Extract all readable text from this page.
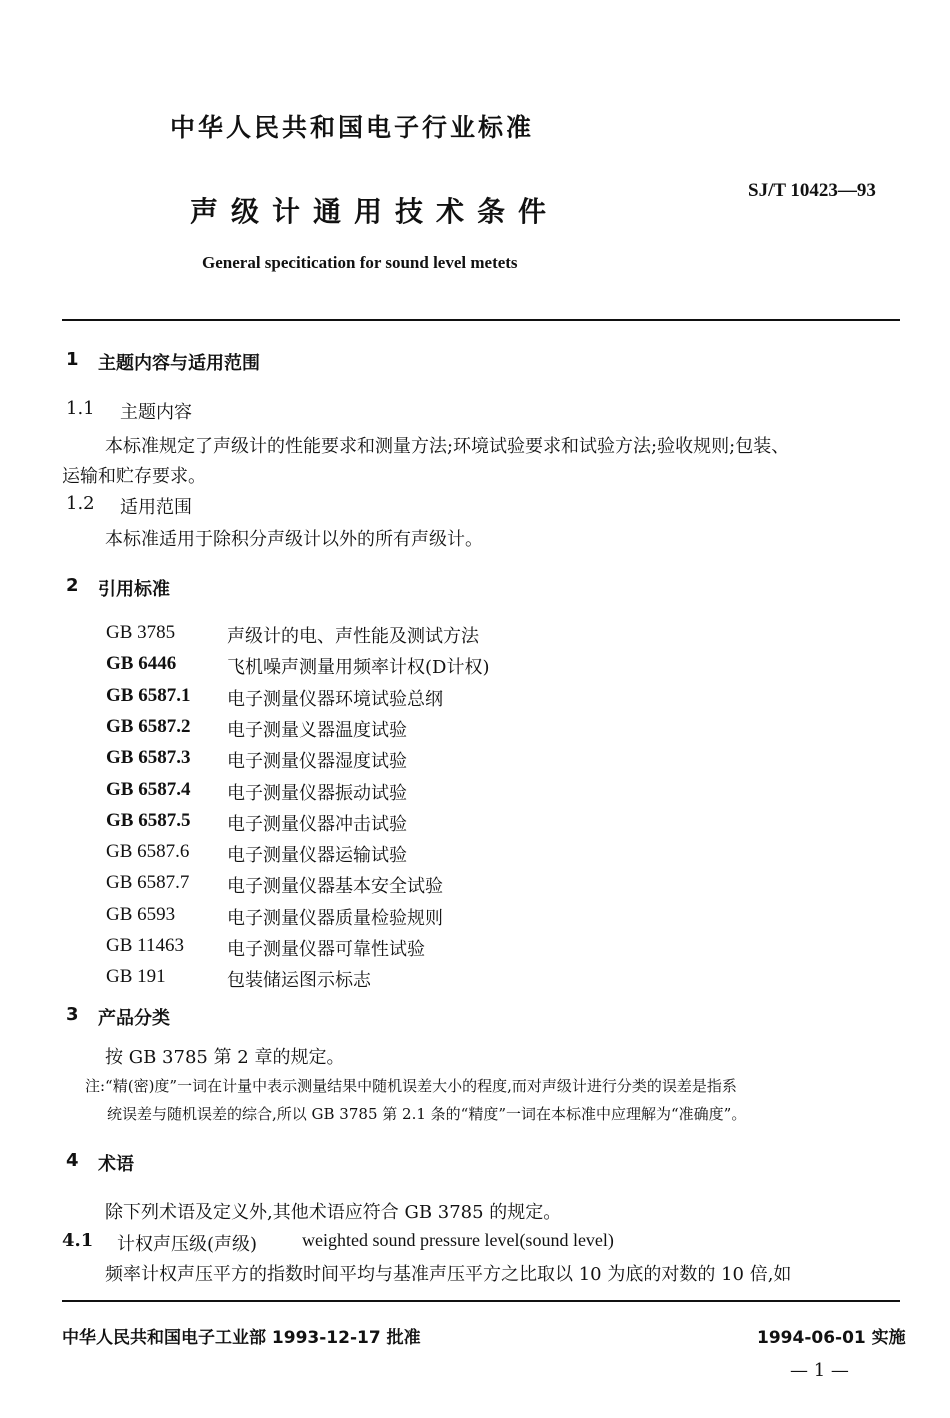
中华人民共和国电子行业标准
声级计通用技术条件
SJ/T 10423—93
General specitication for sound level metets
1 主题内容与适用范围
1.1 主题内容
本标准规定了声级计的性能要求和测量方法;环境试验要求和试验方法;验收规则;包装、
运输和贮存要求。
1.2 适用范围
本标准适用于除积分声级计以外的所有声级计。
2 引用标准
GB 3785	声级计的电、声性能及测试方法
GB 6446	飞机噪声测量用频率计权(D计权)
GB 6587.1 电子测量仪器环境试验总纲
GB 6587.2 电子测量义器温度试验
GB 6587.3 电子测量仪器湿度试验
GB 6587.4 电子测量仪器振动试验
GB 6587.5 电子测量仪器冲击试验
GB 6587.6 电子测量仪器运输试验
GB 6587.7 电子测量仪器基本安全试验
GB 6593	电子测量仪器质量检验规则
GB 11463 电子测量仪器可靠性试验
GB 191	包装储运图示标志
3 产品分类
按 GB 3785 第 2 章的规定。
注:“精(密)度”一词在计量中表示测量结果中随机误差大小的程度,而对声级计进行分类的误差是指系
统误差与随机误差的综合,所以 GB 3785 第 2.1 条的“精度”一词在本标准中应理解为“准确度”。
4 术语
除下列术语及定义外,其他术语应符合 GB 3785 的规定。
4.1 计权声压级(声级) weighted sound pressure level(sound level)
频率计权声压平方的指数时间平均与基准声压平方之比取以 10 为底的对数的 10 倍,如
中华人民共和国电子工业部 1993-12-17 批准	1994-06-01 实施
— 1 —
